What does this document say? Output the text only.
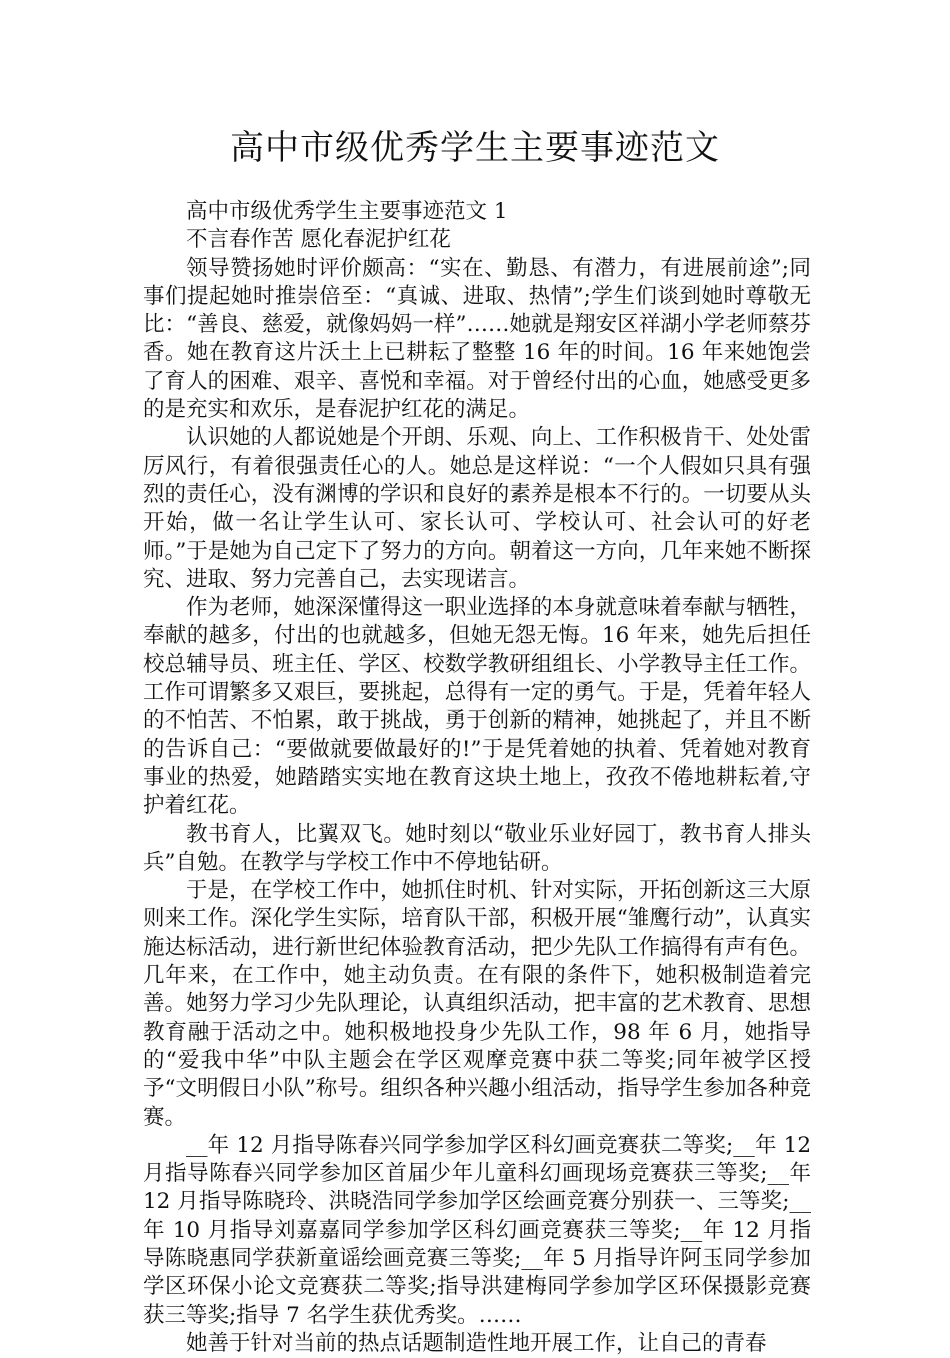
高中市级优秀学生主要事迹范文

高中市级优秀学生主要事迹范文 1

不言春作苦 愿化春泥护红花

领导赞扬她时评价颇高：“实在、勤恳、有潜力，有进展前途”;同事们提起她时推崇倍至：“真诚、进取、热情”;学生们谈到她时尊敬无比：“善良、慈爱，就像妈妈一样”……她就是翔安区祥湖小学老师蔡芬香。她在教育这片沃土上已耕耘了整整 16 年的时间。16 年来她饱尝了育人的困难、艰辛、喜悦和幸福。对于曾经付出的心血，她感受更多的是充实和欢乐，是春泥护红花的满足。

认识她的人都说她是个开朗、乐观、向上、工作积极肯干、处处雷厉风行，有着很强责任心的人。她总是这样说：“一个人假如只具有强烈的责任心，没有渊博的学识和良好的素养是根本不行的。一切要从头开始，做一名让学生认可、家长认可、学校认可、社会认可的好老师。”于是她为自己定下了努力的方向。朝着这一方向，几年来她不断探究、进取、努力完善自己，去实现诺言。

作为老师，她深深懂得这一职业选择的本身就意味着奉献与牺牲，奉献的越多，付出的也就越多，但她无怨无悔。16 年来，她先后担任校总辅导员、班主任、学区、校数学教研组组长、小学教导主任工作。工作可谓繁多又艰巨，要挑起，总得有一定的勇气。于是，凭着年轻人的不怕苦、不怕累，敢于挑战，勇于创新的精神，她挑起了，并且不断的告诉自己：“要做就要做最好的!”于是凭着她的执着、凭着她对教育事业的热爱，她踏踏实实地在教育这块土地上，孜孜不倦地耕耘着,守护着红花。

教书育人，比翼双飞。她时刻以“敬业乐业好园丁，教书育人排头兵”自勉。在教学与学校工作中不停地钻研。

于是，在学校工作中，她抓住时机、针对实际，开拓创新这三大原则来工作。深化学生实际，培育队干部，积极开展“雏鹰行动”，认真实施达标活动，进行新世纪体验教育活动，把少先队工作搞得有声有色。几年来，在工作中，她主动负责。在有限的条件下，她积极制造着完善。她努力学习少先队理论，认真组织活动，把丰富的艺术教育、思想教育融于活动之中。她积极地投身少先队工作，98 年 6 月，她指导的“爱我中华”中队主题会在学区观摩竞赛中获二等奖;同年被学区授予“文明假日小队”称号。组织各种兴趣小组活动，指导学生参加各种竞赛。

__年 12 月指导陈春兴同学参加学区科幻画竞赛获二等奖;__年 12 月指导陈春兴同学参加区首届少年儿童科幻画现场竞赛获三等奖;__年 12 月指导陈晓玲、洪晓浩同学参加学区绘画竞赛分别获一、三等奖;__年 10 月指导刘嘉嘉同学参加学区科幻画竞赛获三等奖;__年 12 月指导陈晓惠同学获新童谣绘画竞赛三等奖;__年 5 月指导许阿玉同学参加学区环保小论文竞赛获二等奖;指导洪建梅同学参加学区环保摄影竞赛获三等奖;指导 7 名学生获优秀奖。……

她善于针对当前的热点话题制造性地开展工作，让自己的青春
